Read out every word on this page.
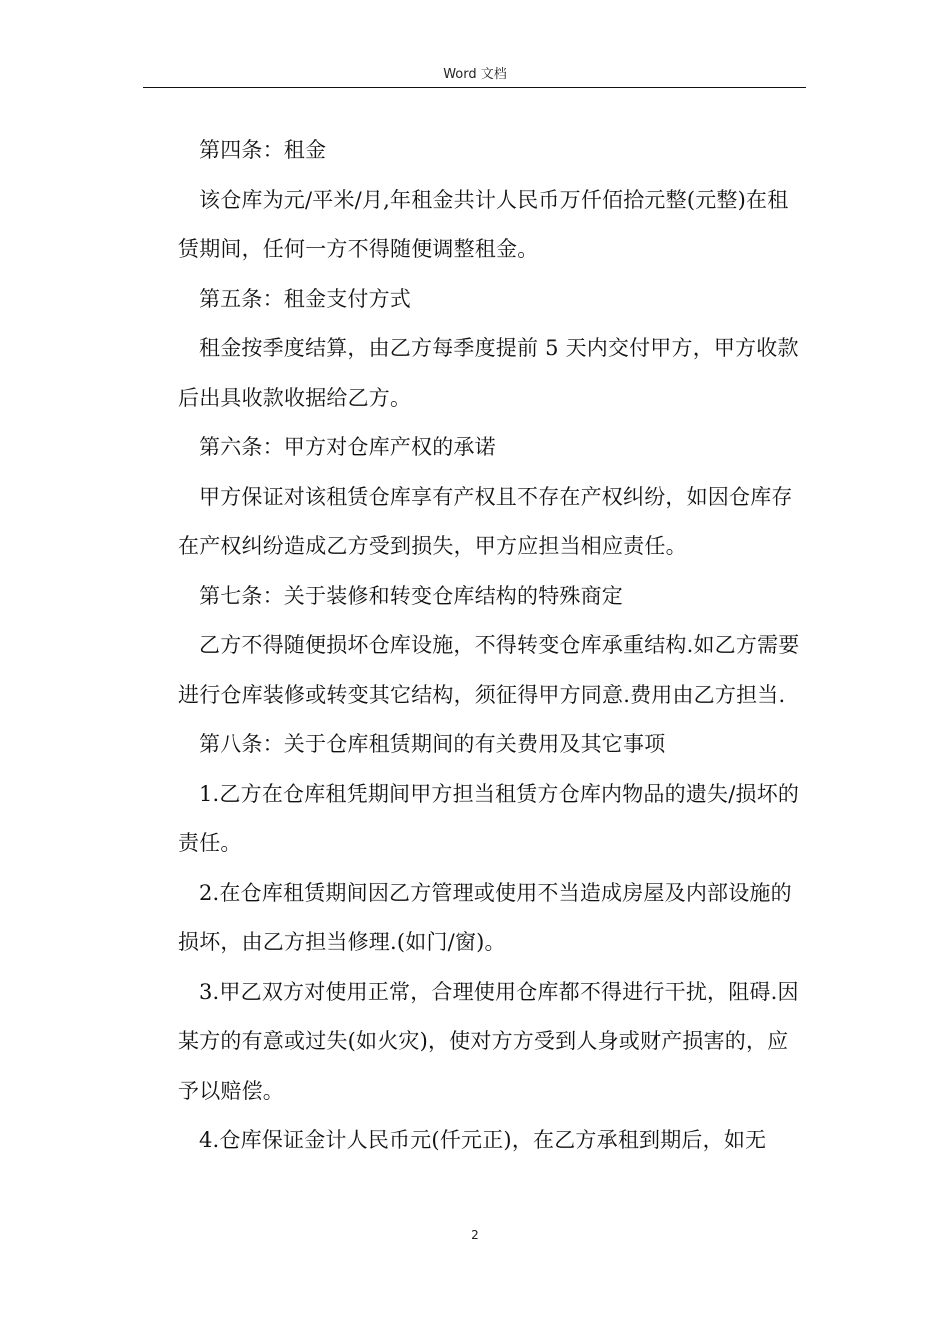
Word 文档

第四条：租金

该仓库为元/平米/月,年租金共计人民币万仟佰拾元整(元整)在租赁期间，任何一方不得随便调整租金。

第五条：租金支付方式

租金按季度结算，由乙方每季度提前 5 天内交付甲方，甲方收款后出具收款收据给乙方。

第六条：甲方对仓库产权的承诺

甲方保证对该租赁仓库享有产权且不存在产权纠纷，如因仓库存在产权纠纷造成乙方受到损失，甲方应担当相应责任。

第七条：关于装修和转变仓库结构的特殊商定

乙方不得随便损坏仓库设施，不得转变仓库承重结构.如乙方需要进行仓库装修或转变其它结构，须征得甲方同意.费用由乙方担当.

第八条：关于仓库租赁期间的有关费用及其它事项

1.乙方在仓库租凭期间甲方担当租赁方仓库内物品的遗失/损坏的责任。

2.在仓库租赁期间因乙方管理或使用不当造成房屋及内部设施的损坏，由乙方担当修理.(如门/窗)。

3.甲乙双方对使用正常，合理使用仓库都不得进行干扰，阻碍.因某方的有意或过失(如火灾)，使对方方受到人身或财产损害的，应予以赔偿。

4.仓库保证金计人民币元(仟元正)，在乙方承租到期后，如无

2
